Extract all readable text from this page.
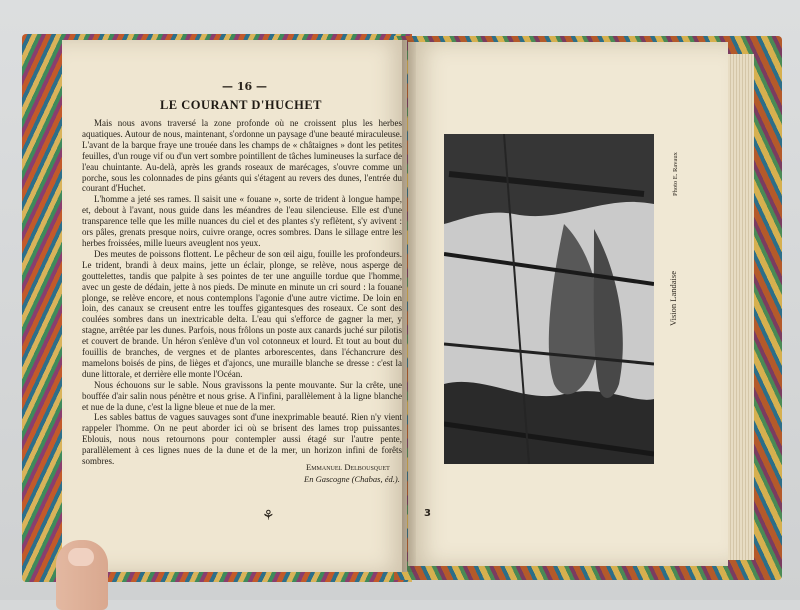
— 16 —
LE COURANT D'HUCHET

Mais nous avons traversé la zone profonde où ne croissent plus les herbes aquatiques. Autour de nous, maintenant, s'ordonne un paysage d'une beauté miraculeuse. L'avant de la barque fraye une trouée dans les champs de « châtaignes » dont les petites feuilles, d'un rouge vif ou d'un vert sombre pointillent de tâches lumineuses la surface de l'eau chuintante. Au-delà, après les grands roseaux de marécages, s'ouvre comme un porche, sous les colonnades de pins géants qui s'étagent au revers des dunes, l'entrée du courant d'Huchet.

L'homme a jeté ses rames. Il saisit une « fouane », sorte de trident à longue hampe, et, debout à l'avant, nous guide dans les méandres de l'eau silencieuse. Elle est d'une transparence telle que les mille nuances du ciel et des plantes s'y reflètent, s'y avivent : ors pâles, grenats presque noirs, cuivre orange, ocres sombres. Dans le sillage entre les herbes froissées, mille lueurs aveuglent nos yeux.

Des meutes de poissons flottent. Le pêcheur de son œil aigu, fouille les profondeurs. Le trident, brandi à deux mains, jette un éclair, plonge, se relève, nous asperge de gouttelettes, tandis que palpite à ses pointes de ter une anguille tordue que l'homme, avec un geste de dédain, jette à nos pieds. De minute en minute un cri sourd : la fouane plonge, se relève encore, et nous contemplons l'agonie d'une autre victime. De loin en loin, des canaux se creusent entre les touffes gigantesques des roseaux. Ce sont des coulées sombres dans un inextricable delta. L'eau qui s'efforce de gagner la mer, y stagne, arrêtée par les dunes. Parfois, nous frôlons un poste aux canards juché sur pilotis et couvert de brande. Un héron s'enlève d'un vol cotonneux et lourd. Et tout au bout du fouillis de branches, de vergnes et de plantes arborescentes, dans l'échancrure des mamelons boisés de pins, de lièges et d'ajoncs, une muraille blanche se dresse : c'est la dune littorale, et derrière elle monte l'Océan.

Nous échouons sur le sable. Nous gravissons la pente mouvante. Sur la crête, une bouffée d'air salin nous pénètre et nous grise. A l'infini, parallèlement à la ligne blanche et nue de la dune, c'est la ligne bleue et nue de la mer.

Les sables battus de vagues sauvages sont d'une inexprimable beauté. Rien n'y vient rappeler l'homme. On ne peut aborder ici où se brisent des lames trop puissantes. Eblouis, nous nous retournons pour contempler aussi étagé sur l'autre pente, parallèlement à ces lignes nues de la dune et de la mer, un horizon infini de forêts sombres.

Emmanuel Delbousquet
En Gascogne (Chabas, éd.).
⚘
Vision Landaise
Photo E. Ravaux
3
